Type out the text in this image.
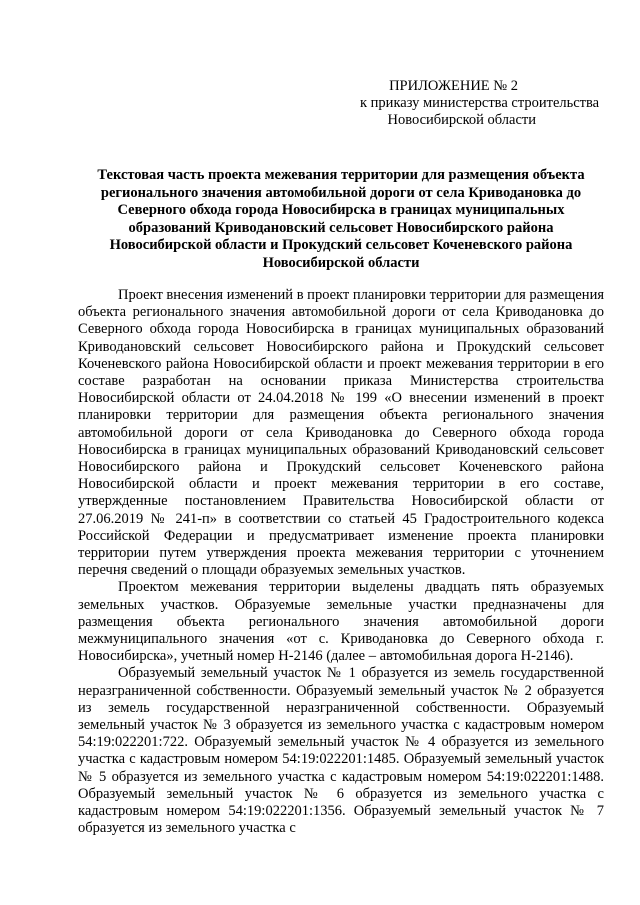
ПРИЛОЖЕНИЕ № 2
к приказу министерства строительства
Новосибирской области
Текстовая часть проекта межевания территории для размещения объекта
регионального значения автомобильной дороги от села Криводановка до
Северного обхода города Новосибирска в границах муниципальных
образований Криводановский сельсовет Новосибирского района
Новосибирской области и Прокудский сельсовет Коченевского района
Новосибирской области

Проект внесения изменений в проект планировки территории для размещения объекта регионального значения автомобильной дороги от села Криводановка до Северного обхода города Новосибирска в границах муниципальных образований Криводановский сельсовет Новосибирского района и Прокудский сельсовет Коченевского района Новосибирской области и проект межевания территории в его составе разработан на основании приказа Министерства строительства Новосибирской области от 24.04.2018 № 199 «О внесении изменений в проект планировки территории для размещения объекта регионального значения автомобильной дороги от села Криводановка до Северного обхода города Новосибирска в границах муниципальных образований Криводановский сельсовет Новосибирского района и Прокудский сельсовет Коченевского района Новосибирской области и проект межевания территории в его составе, утвержденные постановлением Правительства Новосибирской области от 27.06.2019 № 241-п» в соответствии со статьей 45 Градостроительного кодекса Российской Федерации и предусматривает изменение проекта планировки территории путем утверждения проекта межевания территории с уточнением перечня сведений о площади образуемых земельных участков.

Проектом межевания территории выделены двадцать пять образуемых земельных участков. Образуемые земельные участки предназначены для размещения объекта регионального значения автомобильной дороги межмуниципального значения «от с. Криводановка до Северного обхода г. Новосибирска», учетный номер Н-2146 (далее – автомобильная дорога Н-2146).

Образуемый земельный участок № 1 образуется из земель государственной неразграниченной собственности. Образуемый земельный участок № 2 образуется из земель государственной неразграниченной собственности. Образуемый земельный участок № 3 образуется из земельного участка с кадастровым номером 54:19:022201:722. Образуемый земельный участок № 4 образуется из земельного участка с кадастровым номером 54:19:022201:1485. Образуемый земельный участок № 5 образуется из земельного участка с кадастровым номером 54:19:022201:1488. Образуемый земельный участок № 6 образуется из земельного участка с кадастровым номером 54:19:022201:1356. Образуемый земельный участок № 7 образуется из земельного участка с
